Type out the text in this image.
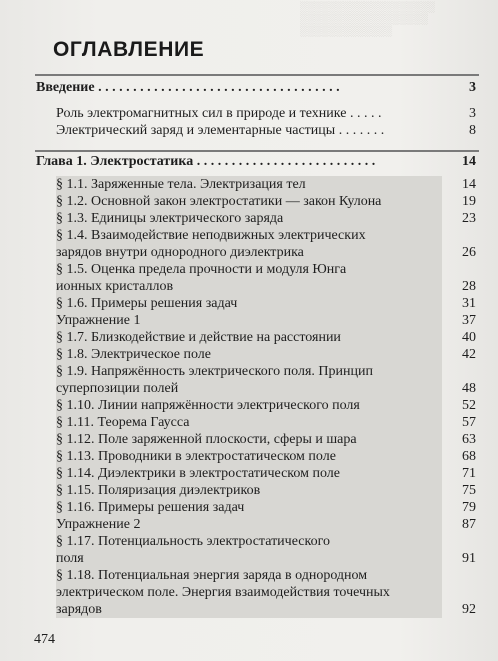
░░░░░░░░░░░░░░░░░░░
░░░░░░░░░░░░░░░░░░
░░░░░░░░░░░░░
ОГЛАВЛЕНИЕ
Введение . . . . . . . . . . . . . . . . . . . . . . . . . . . . . . . . . . .	3
Роль электромагнитных сил в природе и технике . . . . .	3
Электрический заряд и элементарные частицы . . . . . . .	8
Глава 1. Электростатика . . . . . . . . . . . . . . . . . . . . . . . . . .	14
§ 1.1. Заряженные тела. Электризация тел	14
§ 1.2. Основной закон электростатики — закон Кулона	19
§ 1.3. Единицы электрического заряда	23
§ 1.4. Взаимодействие неподвижных электрических зарядов внутри однородного диэлектрика	26
§ 1.5. Оценка предела прочности и модуля Юнга ионных кристаллов	28
§ 1.6. Примеры решения задач	31
Упражнение 1	37
§ 1.7. Близкодействие и действие на расстоянии	40
§ 1.8. Электрическое поле	42
§ 1.9. Напряжённость электрического поля. Принцип суперпозиции полей	48
§ 1.10. Линии напряжённости электрического поля	52
§ 1.11. Теорема Гаусса	57
§ 1.12. Поле заряженной плоскости, сферы и шара	63
§ 1.13. Проводники в электростатическом поле	68
§ 1.14. Диэлектрики в электростатическом поле	71
§ 1.15. Поляризация диэлектриков	75
§ 1.16. Примеры решения задач	79
Упражнение 2	87
§ 1.17. Потенциальность электростатического поля	91
§ 1.18. Потенциальная энергия заряда в однородном электрическом поле. Энергия взаимодействия точечных зарядов	92
474
